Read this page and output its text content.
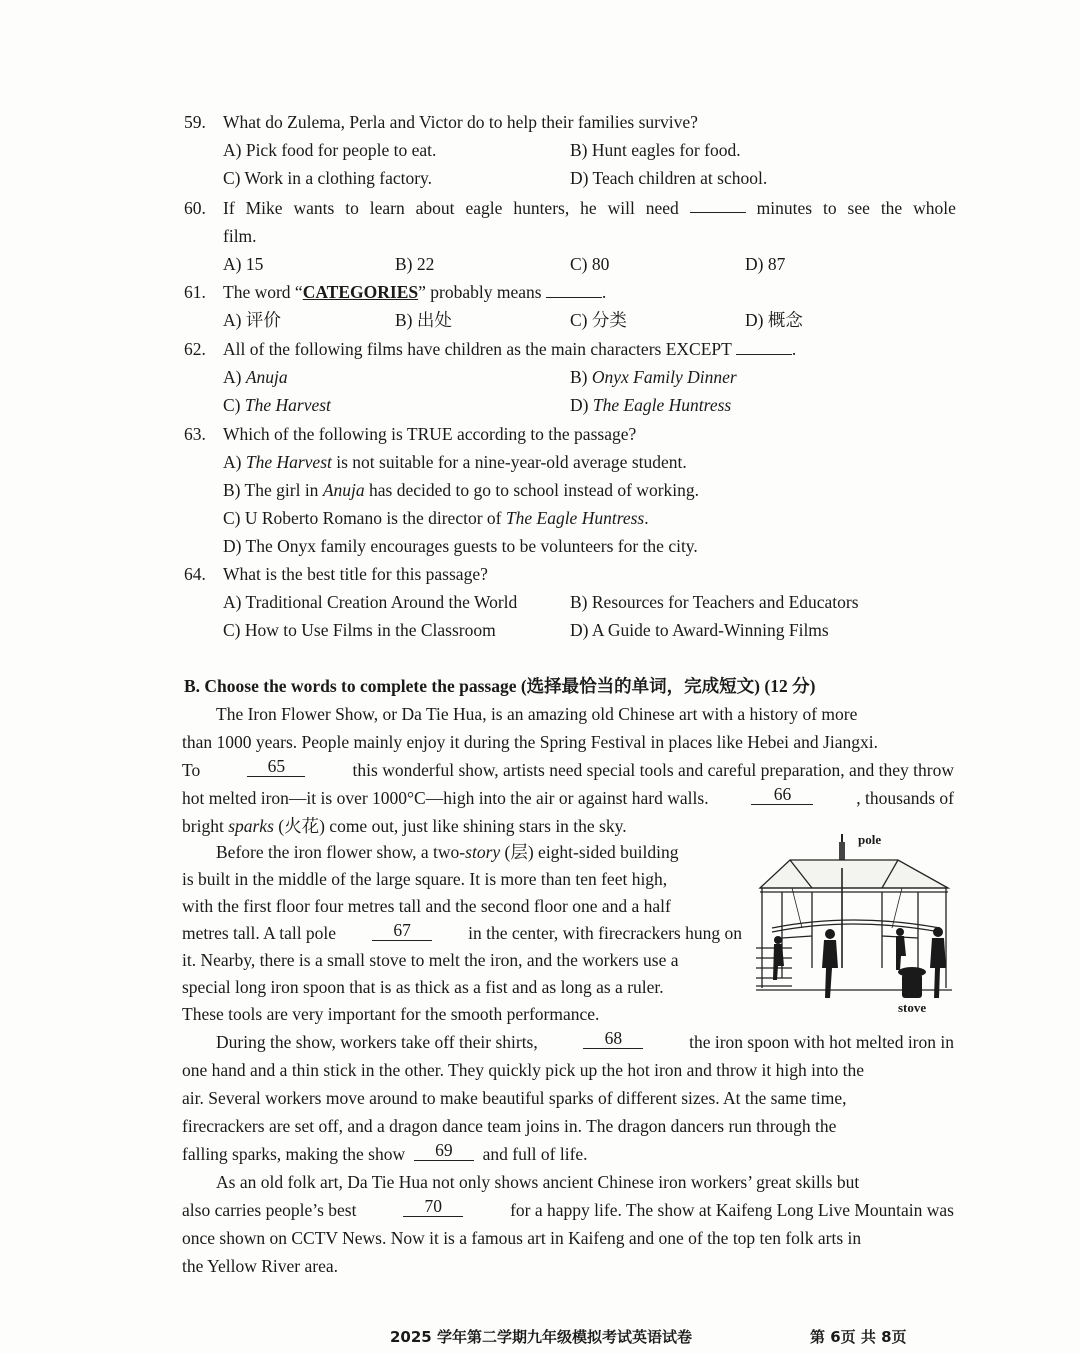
59. What do Zulema, Perla and Victor do to help their families survive?
A) Pick food for people to eat.	B) Hunt eagles for food.
C) Work in a clothing factory.	D) Teach children at school.
60. If Mike wants to learn about eagle hunters, he will need	minutes to see the whole
film.
A) 15	B) 22	C) 80	D) 87
61. The word “CATEGORIES” probably means	.
A) 评价	B) 出处	C) 分类	D) 概念
62. All of the following films have children as the main characters EXCEPT	.
A) Anuja	B) Onyx Family Dinner
C) The Harvest	D) The Eagle Huntress
63. Which of the following is TRUE according to the passage?
A) The Harvest is not suitable for a nine-year-old average student.
B) The girl in Anuja has decided to go to school instead of working.
C) U Roberto Romano is the director of The Eagle Huntress.
D) The Onyx family encourages guests to be volunteers for the city.
64. What is the best title for this passage?
A) Traditional Creation Around the World	B) Resources for Teachers and Educators
C) How to Use Films in the Classroom	D) A Guide to Award-Winning Films
B. Choose the words to complete the passage (选择最恰当的单词，完成短文) (12 分)
The Iron Flower Show, or Da Tie Hua, is an amazing old Chinese art with a history of more
than 1000 years. People mainly enjoy it during the Spring Festival in places like Hebei and Jiangxi.
To	65	this wonderful show, artists need special tools and careful preparation, and they throw
hot melted iron—it is over 1000°C—high into the air or against hard walls.	66	, thousands of
bright
sparks (火花) come out, just like shining stars in the sky.
Before the iron flower show, a two- story (层) eight-sided building
is built in the middle of the large square. It is more than ten feet high,
with the first floor four metres tall and the second floor one and a half
metres tall. A tall pole	67	in the center, with firecrackers hung on
it. Nearby, there is a small stove to melt the iron, and the workers use a
special long iron spoon that is as thick as a fist and as long as a ruler.
These tools are very important for the smooth performance.
pole
stove
During the show, workers take off their shirts,	68	the iron spoon with hot melted iron in
one hand and a thin stick in the other. They quickly pick up the hot iron and throw it high into the
air. Several workers move around to make beautiful sparks of different sizes. At the same time,
firecrackers are set off, and a dragon dance team joins in. The dragon dancers run through the
falling sparks, making the show
	69
	and full of life.
As an old folk art, Da Tie Hua not only shows ancient Chinese iron workers’ great skills but
also carries people’s best	70	for a happy life. The show at Kaifeng Long Live Mountain was
once shown on CCTV News. Now it is a famous art in Kaifeng and one of the top ten folk arts in
the Yellow River area.
2025 学年第二学期九年级模拟考试英语试卷	第 6页 共 8页
